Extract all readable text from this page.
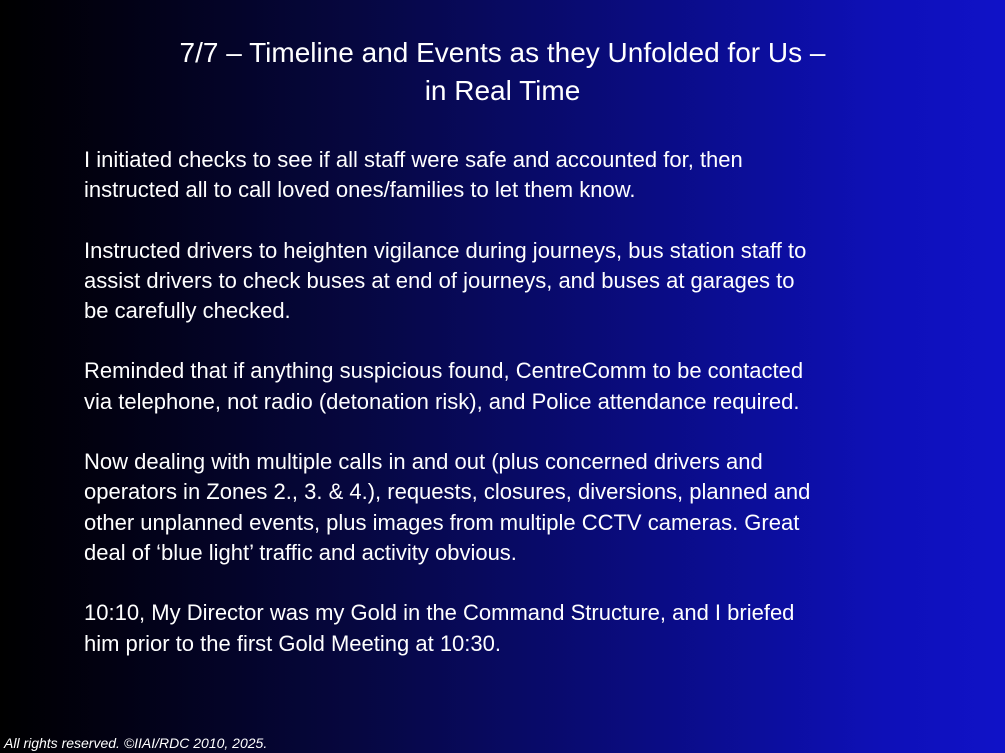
7/7 – Timeline and Events as they Unfolded for Us –
in Real Time
I initiated checks to see if all staff were safe and accounted for, then
instructed all to call loved ones/families to let them know.
Instructed drivers to heighten vigilance during journeys, bus station staff to
assist drivers to check buses at end of journeys, and buses at garages to
be carefully checked.
Reminded that if anything suspicious found, CentreComm to be contacted
via telephone, not radio (detonation risk), and Police attendance required.
Now dealing with multiple calls in and out (plus concerned drivers and
operators in Zones 2., 3. & 4.), requests, closures, diversions, planned and
other unplanned events, plus images from multiple CCTV cameras. Great
deal of ‘blue light’ traffic and activity obvious.
10:10, My Director was my Gold in the Command Structure, and I briefed
him prior to the first Gold Meeting at 10:30.
All rights reserved. ©IIAI/RDC 2010, 2025.
